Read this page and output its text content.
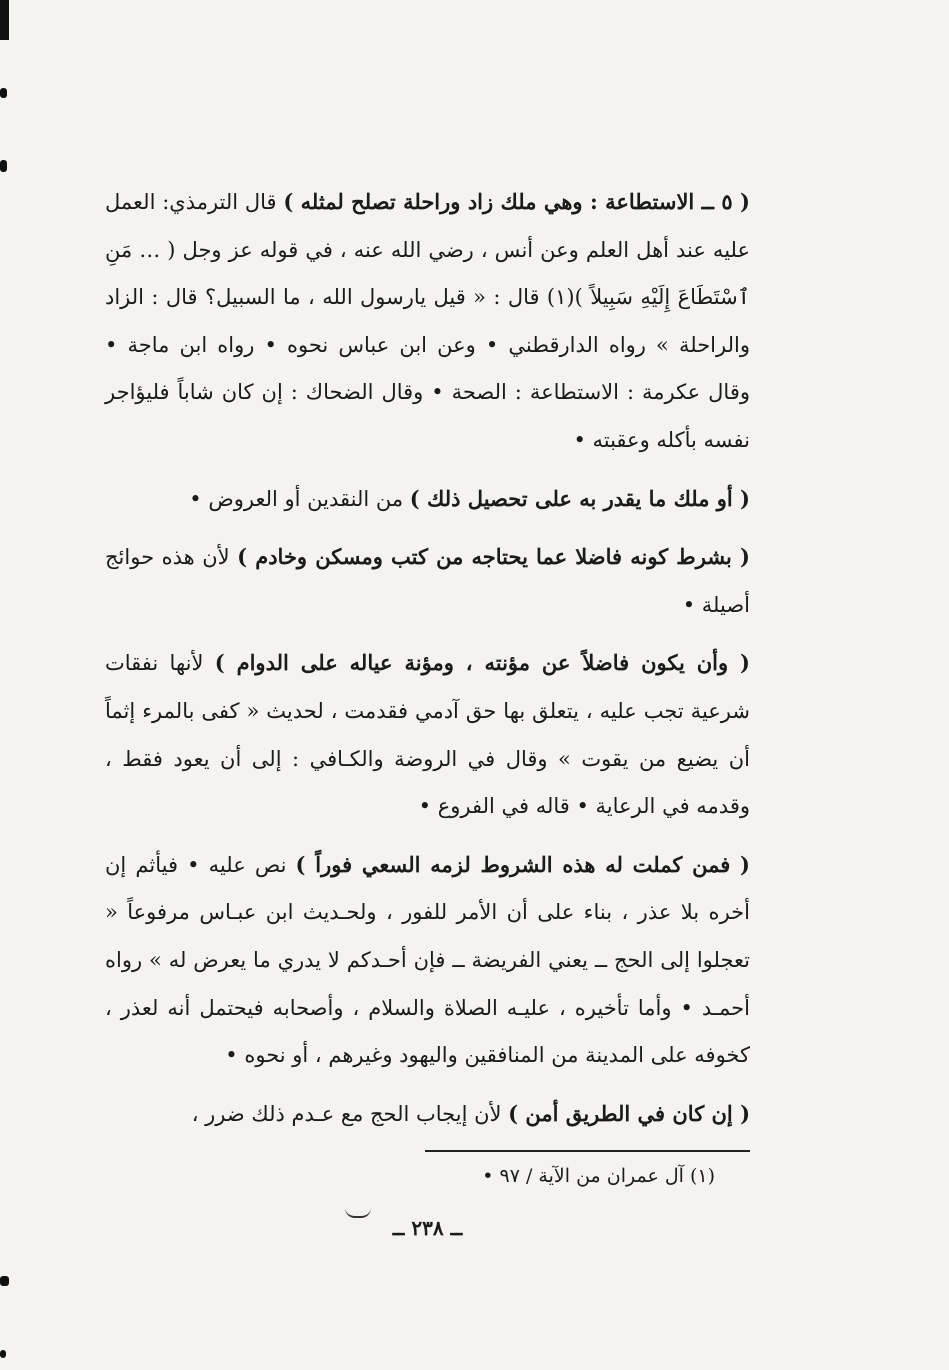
( ٥ ــ الاستطاعة : وهي ملك زاد وراحلة تصلح لمثله ) قال الترمذي: العمل عليه عند أهل العلم وعن أنس ، رضي الله عنه ، في قوله عز وجل ( … مَنِ ٱسْتَطَاعَ إِلَيْهِ سَبِيلاً )(١) قال : « قيل يارسول الله ، ما السبيل؟ قال : الزاد والراحلة » رواه الدارقطني • وعن ابن عباس نحوه • رواه ابن ماجة • وقال عكرمة : الاستطاعة : الصحة • وقال الضحاك : إن كان شاباً فليؤاجر نفسه بأكله وعقبته •

( أو ملك ما يقدر به على تحصيل ذلك ) من النقدين أو العروض •

( بشرط كونه فاضلا عما يحتاجه من كتب ومسكن وخادم ) لأن هذه حوائج أصيلة •

( وأن يكون فاضلاً عن مؤنته ، ومؤنة عياله على الدوام ) لأنها نفقات شرعية تجب عليه ، يتعلق بها حق آدمي فقدمت ، لحديث « كفى بالمرء إثماً أن يضيع من يقوت » وقال في الروضة والكـافي : إلى أن يعود فقط ، وقدمه في الرعاية • قاله في الفروع •

( فمن كملت له هذه الشروط لزمه السعي فوراً ) نص عليه • فيأثم إن أخره بلا عذر ، بناء على أن الأمر للفور ، ولحـديث ابن عبـاس مرفوعاً « تعجلوا إلى الحج ــ يعني الفريضة ــ فإن أحـدكم لا يدري ما يعرض له » رواه أحمـد • وأما تأخيره ، عليـه الصلاة والسلام ، وأصحابه فيحتمل أنه لعذر ، كخوفه على المدينة من المنافقين واليهود وغيرهم ، أو نحوه •

( إن كان في الطريق أمن ) لأن إيجاب الحج مع عـدم ذلك ضرر ،

(١) آل عمران من الآية / ٩٧ •
ــ ٢٣٨ ــ
